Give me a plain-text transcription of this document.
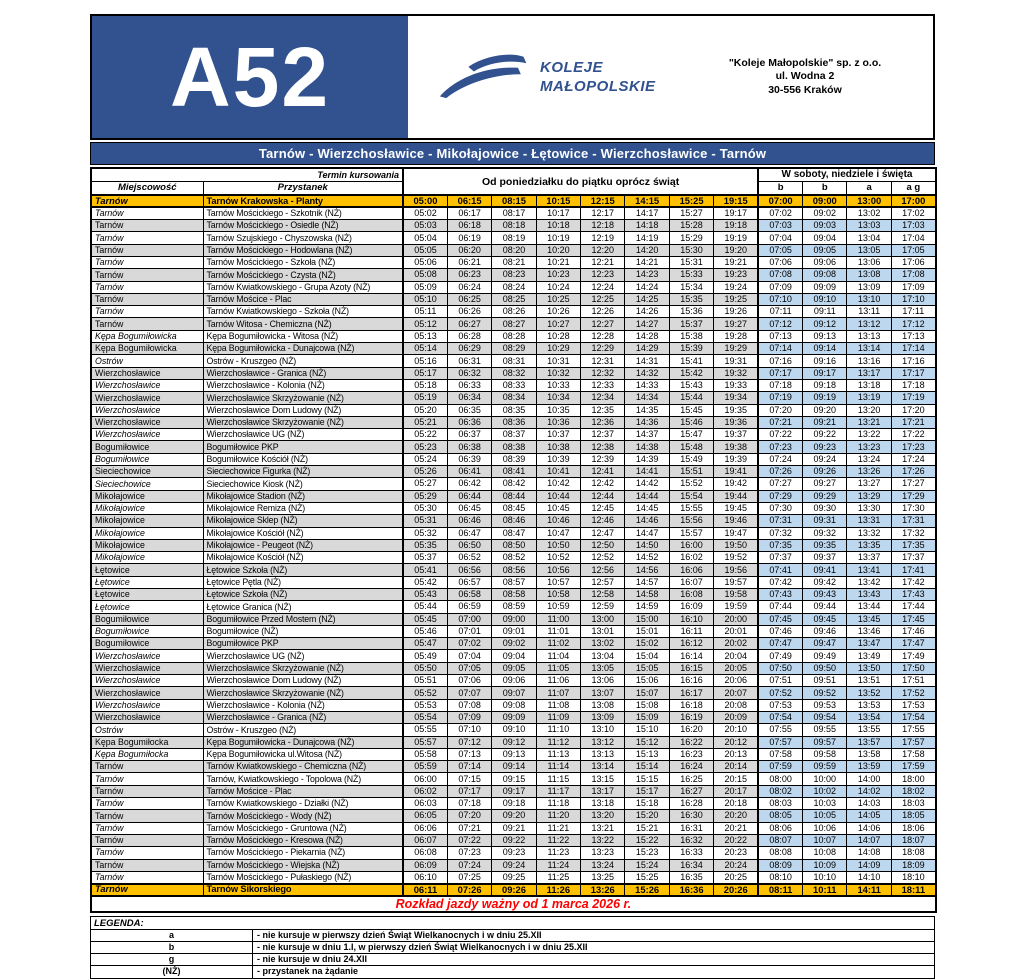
A52	KOLEJE
MAŁOPOLSKIE
"Koleje Małopolskie" sp. z o.o.
ul. Wodna 2
30-556 Kraków
Tarnów - Wierzchosławice - Mikołajowice - Łętowice - Wierzchosławice - Tarnów
Termin kursowania		Od poniedziałku do piątku oprócz świąt								W soboty, niedziele i święta			
Miejscowość	Przystanek									b	b	a	a g
Tarnów	Tarnów Krakowska - Planty	05:00	06:15	08:15	10:15	12:15	14:15	15:25	19:15	07:00	09:00	13:00	17:00
Tarnów	Tarnów Mościckiego - Szkotnik (NŻ)	05:02	06:17	08:17	10:17	12:17	14:17	15:27	19:17	07:02	09:02	13:02	17:02
Tarnów	Tarnów Mościckiego - Osiedle (NŻ)	05:03	06:18	08:18	10:18	12:18	14:18	15:28	19:18	07:03	09:03	13:03	17:03
Tarnów	Tarnów Szujskiego - Chyszowska (NŻ)	05:04	06:19	08:19	10:19	12:19	14:19	15:29	19:19	07:04	09:04	13:04	17:04
Tarnów	Tarnów Mościckiego - Hodowlana (NŻ)	05:05	06:20	08:20	10:20	12:20	14:20	15:30	19:20	07:05	09:05	13:05	17:05
Tarnów	Tarnów Mościckiego - Szkoła (NŻ)	05:06	06:21	08:21	10:21	12:21	14:21	15:31	19:21	07:06	09:06	13:06	17:06
Tarnów	Tarnów Mościckiego - Czysta (NŻ)	05:08	06:23	08:23	10:23	12:23	14:23	15:33	19:23	07:08	09:08	13:08	17:08
Tarnów	Tarnów Kwiatkowskiego - Grupa Azoty (NŻ)	05:09	06:24	08:24	10:24	12:24	14:24	15:34	19:24	07:09	09:09	13:09	17:09
Tarnów	Tarnów Mościce - Plac	05:10	06:25	08:25	10:25	12:25	14:25	15:35	19:25	07:10	09:10	13:10	17:10
Tarnów	Tarnów Kwiatkowskiego - Szkoła (NŻ)	05:11	06:26	08:26	10:26	12:26	14:26	15:36	19:26	07:11	09:11	13:11	17:11
Tarnów	Tarnów Witosa - Chemiczna (NŻ)	05:12	06:27	08:27	10:27	12:27	14:27	15:37	19:27	07:12	09:12	13:12	17:12
Kępa Bogumiłowicka	Kępa Bogumiłowicka - Witosa (NŻ)	05:13	06:28	08:28	10:28	12:28	14:28	15:38	19:28	07:13	09:13	13:13	17:13
Kępa Bogumiłowicka	Kępa Bogumiłowicka - Dunajcowa (NŻ)	05:14	06:29	08:29	10:29	12:29	14:29	15:39	19:29	07:14	09:14	13:14	17:14
Ostrów	Ostrów - Kruszgeo (NŻ)	05:16	06:31	08:31	10:31	12:31	14:31	15:41	19:31	07:16	09:16	13:16	17:16
Wierzchosławice	Wierzchosławice - Granica (NŻ)	05:17	06:32	08:32	10:32	12:32	14:32	15:42	19:32	07:17	09:17	13:17	17:17
Wierzchosławice	Wierzchosławice - Kolonia (NŻ)	05:18	06:33	08:33	10:33	12:33	14:33	15:43	19:33	07:18	09:18	13:18	17:18
Wierzchosławice	Wierzchosławice Skrzyżowanie (NŻ)	05:19	06:34	08:34	10:34	12:34	14:34	15:44	19:34	07:19	09:19	13:19	17:19
Wierzchosławice	Wierzchosławice Dom Ludowy (NŻ)	05:20	06:35	08:35	10:35	12:35	14:35	15:45	19:35	07:20	09:20	13:20	17:20
Wierzchosławice	Wierzchosławice Skrzyżowanie (NŻ)	05:21	06:36	08:36	10:36	12:36	14:36	15:46	19:36	07:21	09:21	13:21	17:21
Wierzchosławice	Wierzchosławice UG (NŻ)	05:22	06:37	08:37	10:37	12:37	14:37	15:47	19:37	07:22	09:22	13:22	17:22
Bogumiłowice	Bogumiłowice PKP	05:23	06:38	08:38	10:38	12:38	14:38	15:48	19:38	07:23	09:23	13:23	17:23
Bogumiłowice	Bogumiłowice Kościół (NŻ)	05:24	06:39	08:39	10:39	12:39	14:39	15:49	19:39	07:24	09:24	13:24	17:24
Sieciechowice	Sieciechowice Figurka (NŻ)	05:26	06:41	08:41	10:41	12:41	14:41	15:51	19:41	07:26	09:26	13:26	17:26
Sieciechowice	Sieciechowice Kiosk (NŻ)	05:27	06:42	08:42	10:42	12:42	14:42	15:52	19:42	07:27	09:27	13:27	17:27
Mikołajowice	Mikołajowice Stadion (NŻ)	05:29	06:44	08:44	10:44	12:44	14:44	15:54	19:44	07:29	09:29	13:29	17:29
Mikołajowice	Mikołajowice Remiza (NŻ)	05:30	06:45	08:45	10:45	12:45	14:45	15:55	19:45	07:30	09:30	13:30	17:30
Mikołajowice	Mikołajowice Sklep (NŻ)	05:31	06:46	08:46	10:46	12:46	14:46	15:56	19:46	07:31	09:31	13:31	17:31
Mikołajowice	Mikołajowice Kościół (NŻ)	05:32	06:47	08:47	10:47	12:47	14:47	15:57	19:47	07:32	09:32	13:32	17:32
Mikołajowice	Mikołajowice - Peugeot (NŻ)	05:35	06:50	08:50	10:50	12:50	14:50	16:00	19:50	07:35	09:35	13:35	17:35
Mikołajowice	Mikołajowice Kościół (NŻ)	05:37	06:52	08:52	10:52	12:52	14:52	16:02	19:52	07:37	09:37	13:37	17:37
Łętowice	Łętowice Szkoła (NŻ)	05:41	06:56	08:56	10:56	12:56	14:56	16:06	19:56	07:41	09:41	13:41	17:41
Łętowice	Łętowice Pętla (NŻ)	05:42	06:57	08:57	10:57	12:57	14:57	16:07	19:57	07:42	09:42	13:42	17:42
Łętowice	Łętowice Szkoła (NŻ)	05:43	06:58	08:58	10:58	12:58	14:58	16:08	19:58	07:43	09:43	13:43	17:43
Łętowice	Łętowice Granica (NŻ)	05:44	06:59	08:59	10:59	12:59	14:59	16:09	19:59	07:44	09:44	13:44	17:44
Bogumiłowice	Bogumiłowice Przed Mostem (NŻ)	05:45	07:00	09:00	11:00	13:00	15:00	16:10	20:00	07:45	09:45	13:45	17:45
Bogumiłowice	Bogumiłowice (NŻ)	05:46	07:01	09:01	11:01	13:01	15:01	16:11	20:01	07:46	09:46	13:46	17:46
Bogumiłowice	Bogumiłowice PKP	05:47	07:02	09:02	11:02	13:02	15:02	16:12	20:02	07:47	09:47	13:47	17:47
Wierzchosławice	Wierzchosławice UG (NŻ)	05:49	07:04	09:04	11:04	13:04	15:04	16:14	20:04	07:49	09:49	13:49	17:49
Wierzchosławice	Wierzchosławice Skrzyżowanie (NŻ)	05:50	07:05	09:05	11:05	13:05	15:05	16:15	20:05	07:50	09:50	13:50	17:50
Wierzchosławice	Wierzchosławice Dom Ludowy (NŻ)	05:51	07:06	09:06	11:06	13:06	15:06	16:16	20:06	07:51	09:51	13:51	17:51
Wierzchosławice	Wierzchosławice Skrzyżowanie (NŻ)	05:52	07:07	09:07	11:07	13:07	15:07	16:17	20:07	07:52	09:52	13:52	17:52
Wierzchosławice	Wierzchosławice - Kolonia (NŻ)	05:53	07:08	09:08	11:08	13:08	15:08	16:18	20:08	07:53	09:53	13:53	17:53
Wierzchosławice	Wierzchosławice - Granica (NŻ)	05:54	07:09	09:09	11:09	13:09	15:09	16:19	20:09	07:54	09:54	13:54	17:54
Ostrów	Ostrów - Kruszgeo (NŻ)	05:55	07:10	09:10	11:10	13:10	15:10	16:20	20:10	07:55	09:55	13:55	17:55
Kępa Bogumiłocka	Kępa Bogumiłowicka - Dunajcowa (NŻ)	05:57	07:12	09:12	11:12	13:12	15:12	16:22	20:12	07:57	09:57	13:57	17:57
Kępa Bogumiłocka	Kępa Bogumiłowicka ul.Witosa (NŻ)	05:58	07:13	09:13	11:13	13:13	15:13	16:23	20:13	07:58	09:58	13:58	17:58
Tarnów	Tarnów Kwiatkowskiego - Chemiczna (NŻ)	05:59	07:14	09:14	11:14	13:14	15:14	16:24	20:14	07:59	09:59	13:59	17:59
Tarnów	Tarnów, Kwiatkowskiego - Topolowa (NŻ)	06:00	07:15	09:15	11:15	13:15	15:15	16:25	20:15	08:00	10:00	14:00	18:00
Tarnów	Tarnów Mościce - Plac	06:02	07:17	09:17	11:17	13:17	15:17	16:27	20:17	08:02	10:02	14:02	18:02
Tarnów	Tarnów Kwiatkowskiego - Działki (NŻ)	06:03	07:18	09:18	11:18	13:18	15:18	16:28	20:18	08:03	10:03	14:03	18:03
Tarnów	Tarnów Mościckiego - Wody (NŻ)	06:05	07:20	09:20	11:20	13:20	15:20	16:30	20:20	08:05	10:05	14:05	18:05
Tarnów	Tarnów Mościckiego - Gruntowa (NŻ)	06:06	07:21	09:21	11:21	13:21	15:21	16:31	20:21	08:06	10:06	14:06	18:06
Tarnów	Tarnów Mościckiego - Kresowa (NŻ)	06:07	07:22	09:22	11:22	13:22	15:22	16:32	20:22	08:07	10:07	14:07	18:07
Tarnów	Tarnów Mościckiego - Piekarnia (NŻ)	06:08	07:23	09:23	11:23	13:23	15:23	16:33	20:23	08:08	10:08	14:08	18:08
Tarnów	Tarnów Mościckiego - Wiejska (NŻ)	06:09	07:24	09:24	11:24	13:24	15:24	16:34	20:24	08:09	10:09	14:09	18:09
Tarnów	Tarnów Mościckiego - Pułaskiego (NŻ)	06:10	07:25	09:25	11:25	13:25	15:25	16:35	20:25	08:10	10:10	14:10	18:10
Tarnów	Tarnów Sikorskiego	06:11	07:26	09:26	11:26	13:26	15:26	16:36	20:26	08:11	10:11	14:11	18:11
Rozkład jazdy ważny od 1 marca 2026 r.													
LEGENDA:
a	- nie kursuje w pierwszy dzień Świąt Wielkanocnych i w dniu 25.XII
b	- nie kursuje w dniu 1.I, w pierwszy dzień Świąt Wielkanocnych i w dniu 25.XII
g	- nie kursuje w dniu 24.XII
(NŻ)	- przystanek na żądanie
